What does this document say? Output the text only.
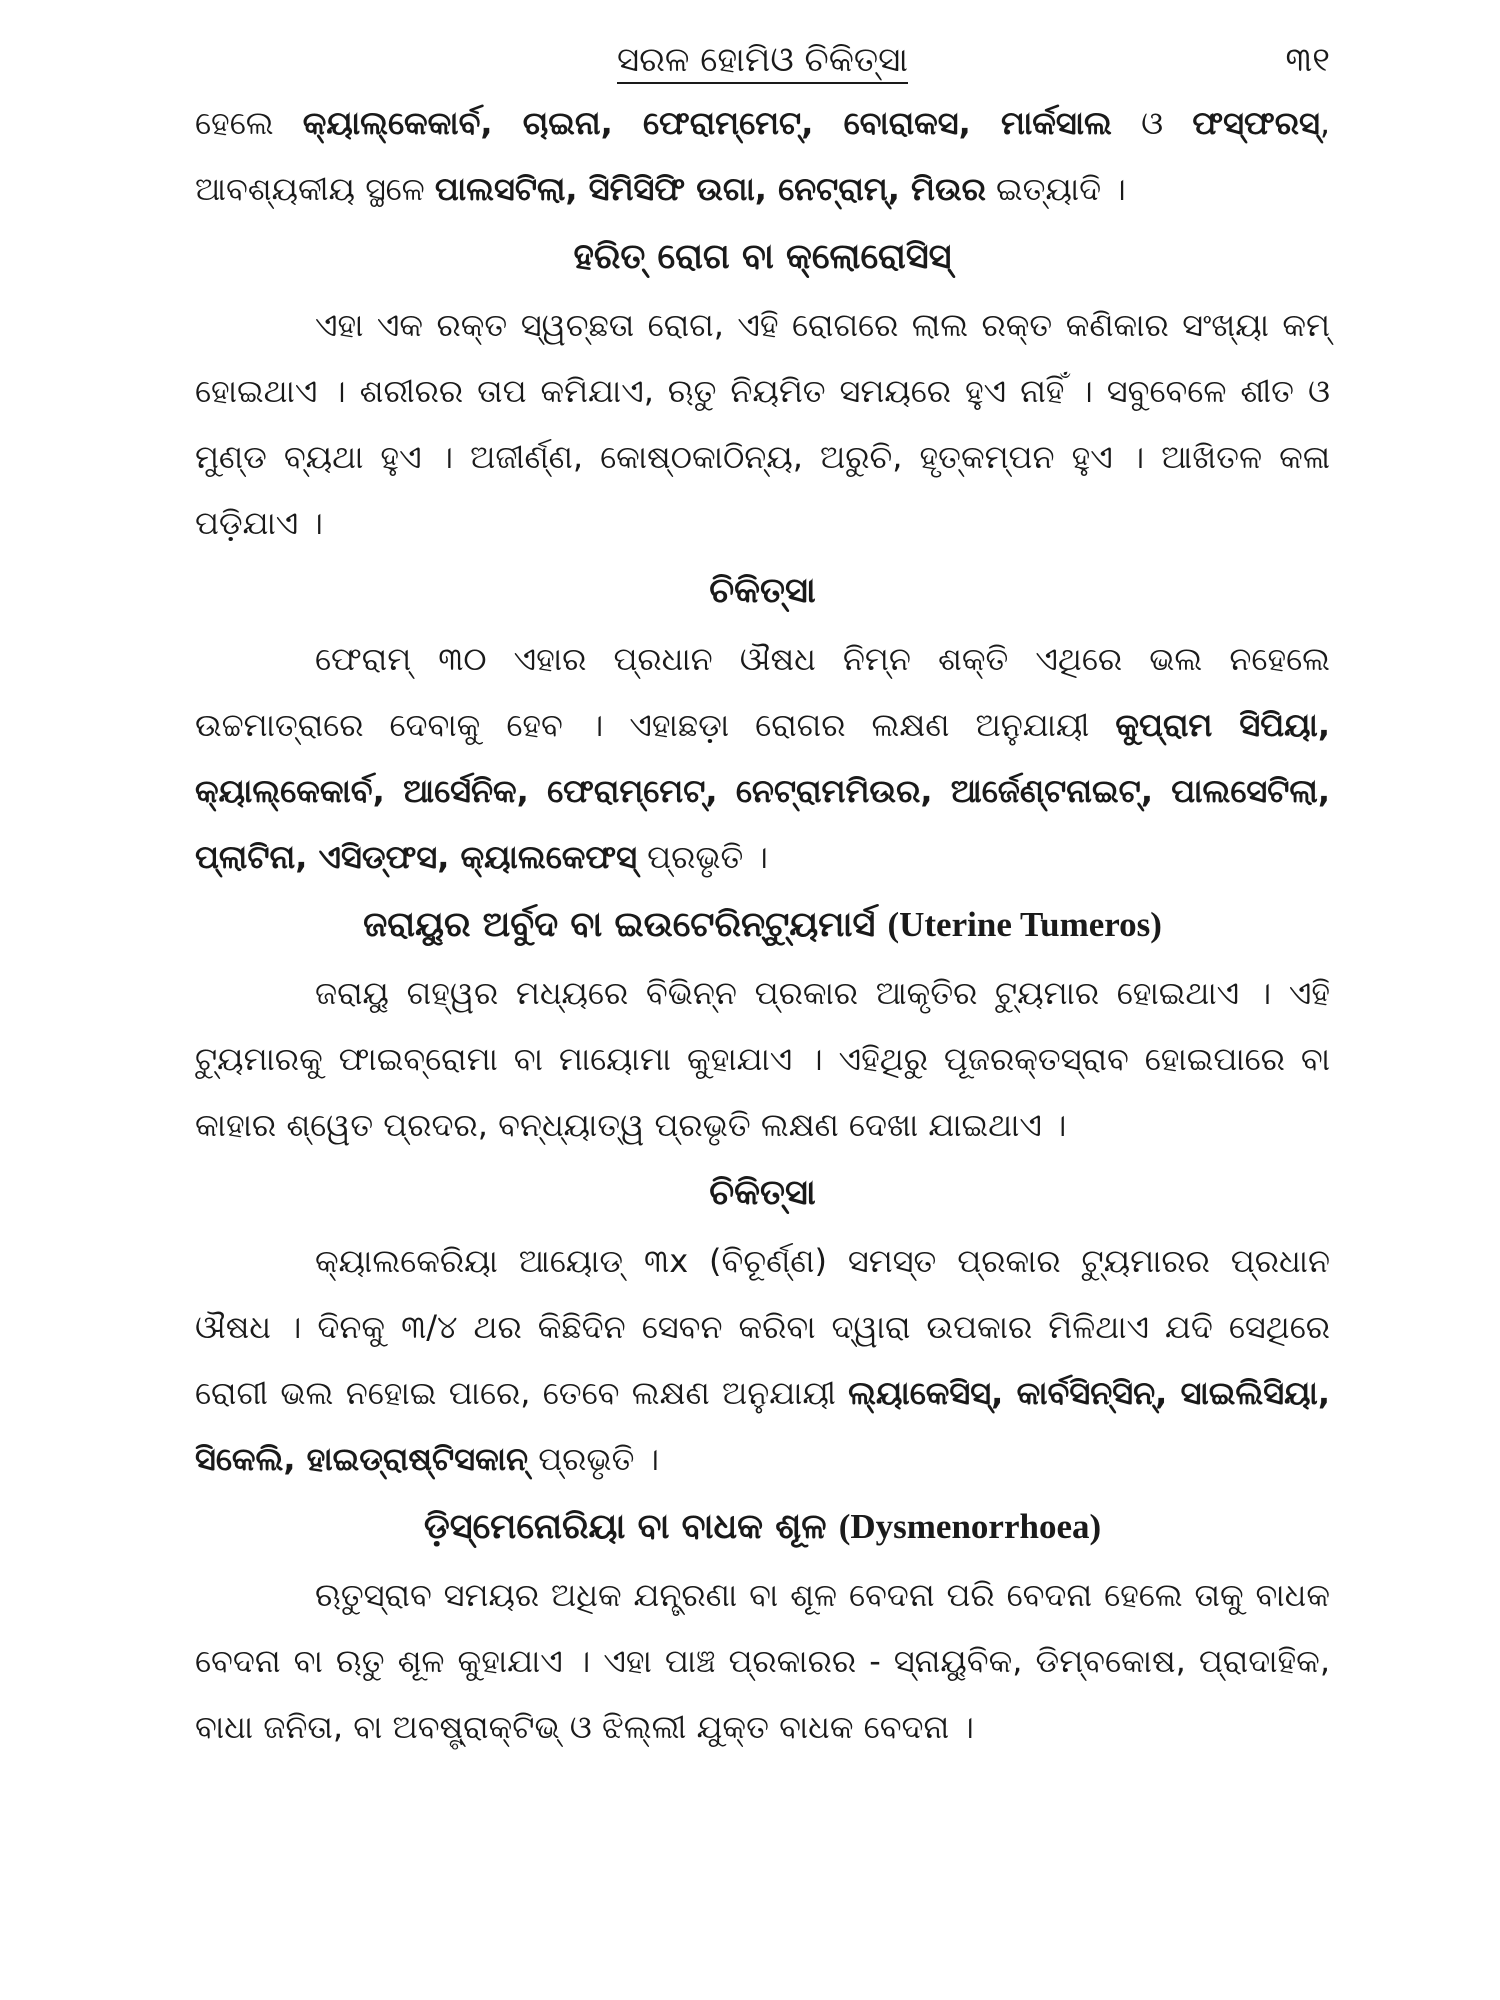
ସରଳ ହୋମିଓ ଚିକିତ୍ସା	୩୧

ହେଲେ କ୍ୟାଲ୍‌କେକାର୍ବ, ଚାଇନା, ଫେରାମ୍‌ମେଟ୍, ବୋରାକସ, ମାର୍କସାଲ ଓ ଫସ୍‌ଫରସ୍, ଆବଶ୍ୟକୀୟ ସ୍ଥଳେ ପାଲସଟିଲା, ସିମିସିଫି ଉଗା, ନେଟ୍ରାମ୍, ମିଉର ଇତ୍ୟାଦି ।

ହରିତ୍ ରୋଗ ବା କ୍ଲୋରୋସିସ୍

ଏହା ଏକ ରକ୍ତ ସ୍ୱଚ୍ଛତା ରୋଗ, ଏହି ରୋଗରେ ଲାଲ ରକ୍ତ କଣିକାର ସଂଖ୍ୟା କମ୍ ହୋଇଥାଏ । ଶରୀରର ତାପ କମିଯାଏ, ଋତୁ ନିୟମିତ ସମୟରେ ହୁଏ ନାହିଁ । ସବୁବେଳେ ଶୀତ ଓ ମୁଣ୍ଡ ବ୍ୟଥା ହୁଏ । ଅଜୀର୍ଣ୍ଣ, କୋଷ୍ଠକାଠିନ୍ୟ, ଅରୁଚି, ହୃତ୍‌କମ୍ପନ ହୁଏ । ଆଖିତଳ କଳା ପଡ଼ିଯାଏ ।

ଚିକିତ୍ସା

ଫେରାମ୍ ୩୦ ଏହାର ପ୍ରଧାନ ଔଷଧ ନିମ୍ନ ଶକ୍ତି ଏଥିରେ ଭଲ ନହେଲେ ଉଚ୍ଚମାତ୍ରାରେ ଦେବାକୁ ହେବ । ଏହାଛଡ଼ା ରୋଗର ଲକ୍ଷଣ ଅନୁଯାୟୀ କୁପ୍ରାମ ସିପିୟା, କ୍ୟାଲ୍‌କେକାର୍ବ, ଆର୍ସେନିକ, ଫେରାମ୍‌ମେଟ୍, ନେଟ୍ରାମମିଉର, ଆର୍ଜେଣ୍ଟନାଇଟ୍, ପାଲସେଟିଲା, ପ୍ଲାଟିନା, ଏସିଡ୍‌ଫସ, କ୍ୟାଲକେଫସ୍ ପ୍ରଭୃତି ।

ଜରାୟୁର ଅର୍ବୁଦ ବା ଇଉଟେରିନ୍‌ଟ୍ୟୁମାର୍ସ (Uterine Tumeros)

ଜରାୟୁ ଗହ୍ୱର ମଧ୍ୟରେ ବିଭିନ୍ନ ପ୍ରକାର ଆକୃତିର ଟ୍ୟୁମାର ହୋଇଥାଏ । ଏହି ଟ୍ୟୁମାରକୁ ଫାଇବ୍ରୋମା ବା ମାୟୋମା କୁହାଯାଏ । ଏହିଥିରୁ ପୂଜରକ୍ତସ୍ରାବ ହୋଇପାରେ ବା କାହାର ଶ୍ୱେତ ପ୍ରଦର, ବନ୍ଧ୍ୟାତ୍ୱ ପ୍ରଭୃତି ଲକ୍ଷଣ ଦେଖା ଯାଇଥାଏ ।

ଚିକିତ୍ସା

କ୍ୟାଲକେରିୟା ଆୟୋଡ୍ ୩x (ବିଚୂର୍ଣ୍ଣ) ସମସ୍ତ ପ୍ରକାର ଟ୍ୟୁମାରର ପ୍ରଧାନ ଔଷଧ । ଦିନକୁ ୩/୪ ଥର କିଛିଦିନ ସେବନ କରିବା ଦ୍ୱାରା ଉପକାର ମିଳିଥାଏ ଯଦି ସେଥିରେ ରୋଗୀ ଭଲ ନହୋଇ ପାରେ, ତେବେ ଲକ୍ଷଣ ଅନୁଯାୟୀ ଲ୍ୟାକେସିସ୍, କାର୍ବସିନ୍‌ସିନ୍, ସାଇଲିସିୟା, ସିକେଲି, ହାଇଡ୍ରାଷ୍ଟିସକାନ୍ ପ୍ରଭୃତି ।

ଡ଼ିସ୍‌ମେନୋରିୟା ବା ବାଧକ ଶୂଳ (Dysmenorrhoea)

ଋତୁସ୍ରାବ ସମୟର ଅଧିକ ଯନ୍ତ୍ରଣା ବା ଶୂଳ ବେଦନା ପରି ବେଦନା ହେଲେ ତାକୁ ବାଧକ ବେଦନା ବା ଋତୁ ଶୂଳ କୁହାଯାଏ । ଏହା ପାଞ୍ଚ ପ୍ରକାରର - ସ୍ନାୟୁବିକ, ଡିମ୍ବକୋଷ, ପ୍ରାଦାହିକ, ବାଧା ଜନିତା, ବା ଅବଷ୍ଟ୍ରାକ୍‌ଟିଭ୍ ଓ ଝିଲ୍ଲୀ ଯୁକ୍ତ ବାଧକ ବେଦନା ।
